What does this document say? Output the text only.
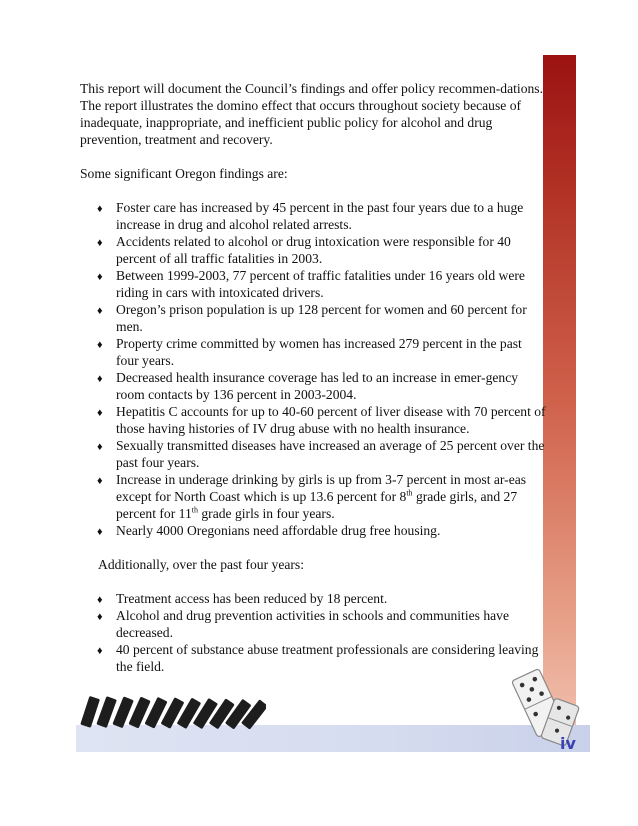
This report will document the Council’s findings and offer policy recommen-dations. The report illustrates the domino effect that occurs throughout society because of inadequate, inappropriate, and inefficient public policy for alcohol and drug prevention, treatment and recovery.

Some significant Oregon findings are:

♦ Foster care has increased by 45 percent in the past four years due to a huge increase in drug and alcohol related arrests.
♦ Accidents related to alcohol or drug intoxication were responsible for 40 percent of all traffic fatalities in 2003.
♦ Between 1999-2003, 77 percent of traffic fatalities under 16 years old were riding in cars with intoxicated drivers.
♦ Oregon’s prison population is up 128 percent for women and 60 percent for men.
♦ Property crime committed by women has increased 279 percent in the past four years.
♦ Decreased health insurance coverage has led to an increase in emer-gency room contacts by 136 percent in 2003-2004.
♦ Hepatitis C accounts for up to 40-60 percent of liver disease with 70 percent of those having histories of IV drug abuse with no health insurance.
♦ Sexually transmitted diseases have increased an average of 25 percent over the past four years.
♦ Increase in underage drinking by girls is up from 3-7 percent in most ar-eas except for North Coast which is up 13.6 percent for 8th grade girls, and 27 percent for 11th grade girls in four years.
♦ Nearly 4000 Oregonians need affordable drug free housing.

Additionally, over the past four years:

♦ Treatment access has been reduced by 18 percent.
♦ Alcohol and drug prevention activities in schools and communities have decreased.
♦ 40 percent of substance abuse treatment professionals are considering leaving the field.
iv
